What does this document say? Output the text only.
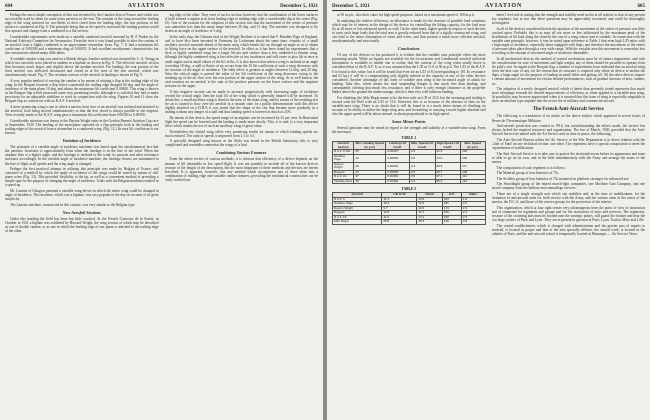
604	AVIATION	December 5, 1921

Perhaps the most simple conception of this was invented by the Camden firm of France and which was successfully used by them for some years previous to the war. The rotation of the wing around the leading edge of the wing surfaced for two-thirds of their chord from the leading edge, the rear portions of the surface is cambered on Fig. 6. The principle being that as the speed is increased the trailing portion would flex upward and change from a cambered to a flat section.

Considerable experiments were made on a variable cambered aerofoil invented by H. F. Parker by the National Advisory Committee for Aeronautics. From the tests it was found possible to alter the contour of an aerofoil from a highly cambered to an approximate streamline form. Fig. 7. It had a maximum lift coefficient of 0.00300 and a minimum drag of 0.00035. It had excellent aerodynamic characteristics but the construction offered many difficulties.

A variable camber wing was used on a British design. Another method was invented by C. A. Wragg in which two aerofoils were placed in tandem in a biplane as shown in Fig. 8. The effective aerofoil section thus becomes much larger, and slightly above the median aerofoil. For landing, the rear portion of the front aerofoil was deflected downward and closed in at the nose of the rear aerofoil, which was simultaneously raised. Fig. 9. The resultant contour of the aerofoil in landing is shown in Fig. 9.

A very popular method of varying the camber is by means of rotating a flap in the trailing edge of the wing. In the Breguet fourteen a flap which constituted the trailing edge dropped 60 deg. and the angle of incidence of the main plane 10 deg. and obtain the maximum lift coefficient 0.00400. This wing is known as the Breguet flap which possessed some very promising results, although it is said that they had to make provisions for an adjustable stabilizer to work in conjunction with the wing. Figures 10 and 11 show the Breguet flap as carried out with an R.A.F. 6 aerofoil.

A more promising wing is one in which a narrow front face of an aerofoil was inclined and attached to the aerofoil, both being moved simultaneously so that the new chord is always parallel to the original. Tests recently made of the R.A.F. wing gave a maximum lift coefficient from 0.00390 to 0.00500.

Considerable attention was drawn to the Dayton Wright entry in the Gordon Bennett Aviation Cup race in September, 1920. The landing of the monoplane operated on a flap principle both at the leading and trailing edges of the aerofoil from a streamline to a cambered wing. (Fig. 12.) Its max lift coefficient is not known.

Variation of Incidence

The principle of a variable angle of incidence machines was based upon the aerodynamical fact that the parasitic resistance is approximately least when the fuselage is in the line of the wind. When the airplane flies at a higher angle, and the fuselage is inclined to the wind, its parasite and other resistance increases accordingly. In the variable angle of incidence machine, the fuselage chassis are maintained in the line of flight at all speeds and the wing angle is changed.

Perhaps the first practical attempt in utilizing this principle was made by Belgian of France, and consisted of a method by which the angle of incidence of the wings could be varied by means of stiff piano wires (Fig. 13). This provided flexibility to the tip, as well as a convenient method of providing a simple spar for the purpose of changing the angle of incidence. Trials with the Belgian machine resulted in a speed up.

Mr. Lamont of Glasgow patented a variable wing device in which the entire wing could be changed in angle of incidence. This machine, which was a biplane, was very popular in the day on account of its great simplicity.

The Lanzius machine, constructed in this country, was very similar to the Belgian type.

New Aerofoil Sections

Under this heading the field has been but little touched. At the French Concours de la Surete, in October in 1921 a biplane was exhibited by Howard Wright, the wing section of which may be described as one of double camber, or as one in which the leading edge of one plane is attached to the trailing edge of the other.

ing edge of the other. They were of such a section, however, that the combination of the lower surfaces of both formed a regular arch from leading edge to trailing edge with a considerable dip at the center (Fig. 15). One of the reasons for the adoption of this section was that the movement of the center of pressure was somewhat less than the usual range between 20 deg. and 15 deg. The machine was designed to fly fastest at an angle of incidence of 3 deg.

In the early days the Chanute trial of the Wright Brothers it is stated that F. Handley Page of England, said to have also been invented in Germany by Lachmann about the same time, consists of a small auxiliary aerofoil mounted ahead of the main wing which breaks the air through an angle so as to obtain its lifting force on the upper surface of the aerofoil. In effect as it has been found by experiments that a thick or highly cambered wing has a larger lift per unit surface than a less cambered or thinner wing, although the highly cambered wing is less effective at low incidences and will cease to give lift at once at small angles and at small values of the lift in lbs. It is also known that when a wing is inclined at an angle exceeding 18 deg., a stall or flutter of air occurs from the 16 lift coefficient of such a wing decreases with the increase of the angle of incidence. The eddy effect is greatest at angles between 12 deg. and 20 deg. After the critical angle is passed the value of the lift coefficient of the wing decreases owing to the breaking up of the air flow over the rear portion of the upper surface of the wing. As is well known, the total reaction on an aerofoil is the sum of the positive pressure on the lower surface and the negative pressure on the upper.

If this negative suction can be made to increase progressively with increasing angle of incidence beyond the critical angle, then the total lift of the wing which is generally limited will be increased. To obtain this, a small auxiliary wing is fitted to the nose of the main wing, and by means of the resulting slot the air is caused to flow over the aerofoil in a smooth state. In a public demonstration with this device slightly attached on a D.H.9, it was stated that the shape of the slot flap became more gradually in a landing without any danger of a stall and thus landing speed is lowered as much as 25%.

By means of this device, the speed range of an airplane can be increased by 25 per cent. In Horizontal flight the speed can be lowered and the landing is made more slowly. This, it is said, is a very important effect which makes the use of such an auxiliary wing of great value.

Nevertheless the slotted wing offers very promising results by means of which landing speeds are much reduced. The ratio of speeds is improved from 2:1 to 3:1.

A specially designed wing known as the Alula was tested in the British laboratory; this is very complicated and resembles somewhat the wings of a bird.

Combining Various Features

From the above review of various methods, it is obvious that efficiency of a device depends on the amount of lift obtainable in low speed flight. It was not possible to include all of the known devices because of the length of the description, but the most important of these methods and devices are herein described. It is apparent, however, that any method which incorporates any of these ideas into a combination of trailing edge and variable camber features, providing the mechanical construction can be easily worked out.

December 5, 1921	AVIATION	605

at 50 m.p.h., also their value for high speed purposes, based on a maximum speed of 100 m.p.h.

In analyzing the relative efficiency, no allowance is made for the increase of possible load variations which may be of interest in the design of the device for controlling the lifting capacity, for the load may fly at all more or less advanced speeds as well. On the other hand, higher speeds in respect of such devices to carry such large loads that the total area is greatly reduced from that of a rigidly constructed wing, and can tend to the entire elimination of struts and wires, and thus present a much more efficient aerofoil, aerodynamically and structurally.

Conclusions

Of any of the devices so far produced it is evident that the variable area principle offers the most promising results. While no figures are available for the Levavasseur and Camberoide aerofoil sufficient information is available to enable one to realize that the contour of the wing when totally down is considered that of the R.A.F. 6, so it was assumed that the L/D as 11.0 at 30 m.p.h. The L/D of the R.A.F. 6 is found to this value, but it will be found that even for an L/D of 8 (corresponding to 101 lb. resistance and 61 hp.) it will be a compromising only slightly inferior to the capacity of any of the other devices considered. Another advantage of this form of variable area wing is the increased angle of attack for landing. Take this, which means the total suspending flanges is that much less than landing, and consequently offering that much less resistance, and if there is only enough clearance of the propeller blades above the ground the undercarriage, which is then very well fashions landing.

For climbing, the Aldo Regia seems to be the best with an L/D of 25.8, but the sweeping and trailing is second with the Hoff with an L/D of 13.6. However, this is so because of the absence of data on the variable-area wing. There is no doubt that it will be found in it a much better means of climbing on account of its ability to utilize the large wing area, and in reaching or carrying a much higher absolute and also the upper speed will be about normal, or about proportional to its high speed.

Some Minor Points

Several questions may be raised in regard to the strength and stability of a variable-area wing. From the necessary

TABLE 1
Aerofoil Section	Min. Landing Speed (m.p.h.)	Landing Lift Coeff.	Max. Speed Lift Coeff.	High Speed Lift Coeff.	Max. Speed (m.p.h.)
R.A.F. 6 Std.	55	0.00367	0.5	61.5	109
Handley Page	42	0.00590	0.5	72.0	106
Dayton Wright	46	0.00440	0.4	69.5	117
Breguet	44	0.00500	0.5	66.7	108
R.A.F. 19	47	0.00460	0.6	67.1	113
Variable Area	38	0.00360	0.3	86.0	131
TABLE 2
Aerofoil	L/D at 50	Climb	H.P.	Ratio
R.A.F. 6	11.4	13.6	163	1.8
Handley Page	10.4	12.0	181	2.6
Dayton Wright	9.7	11.9	174	2.3
Breguet	10.8	12.7	166	2.4
R.A.F. 19	11.0	14.1	160	2.3
Aldo Regia	25.8	15.5	126	2.8

times I feel safe in stating that the strength and stability need not be at all inferior to that of any present day airplanes, but in fact that these questions may be appreciably increased, and could be thoroughly investigated.

In all of the devices considered herein the question of the movement of the center of pressure was little touched upon. Probably this is as may all are more or less influenced by the maximum peak of the distribution of lift load along the chord in the case of a wing whose area is variable. In connection with the variable area principle, however, it was be noted upon reference to Table 1 that even high L/D ratios with a high angle of incidence, especially those equipped with flaps, and therefore the movement of the center of pressure takes place through a very wide range. With the variable area this movement is somewhat less according to the amount of increased angle of incidence obtainable.

In all mechanical devices the method of control mechanism must be of utmost importance, and with the consideration for ease of movement and light weight, any of them should be possible to operate from the pilot's seat. In regard to the Breguet flap, a number of experiments have indicated that an aerofoil wing often the best case of any, for the reason that its structure is required only when its device to incline the flaps; a large angle for the purpose of landing in small fields and getting off. All the other devices require a certain amount of movement for certain desired performances, such as gradual increase of area, camber, etc.

The adoption of a newly designed aerofoil which is better than presently found represents that much more advantage towards the desired improvement of efficiency as when applied to a variable-area wing. Its possibility may be more appreciated when it is asserted that this form of wing is especially adaptable to place an absolute type airplane into the active list of military and commercial aircraft.

The French Anti-Aircraft Service

The following is a translation of an article on the above subject which appeared in recent issues of Revue de l'Aeronautique Militaire:

Anti-aircraft protection was created in 1914, but notwithstanding the efforts made, the service has always lacked the required resources and organization. The law of March, 1920, provided that the Anti-Aircraft Service be united with the Air Service and, in time of peace, the following:

The Anti-Aircraft Bureau within the Air Service of the War Department is in direct relation with the Chief of Staff on one technical section; one other. The regiments have a special composition to meet the requirements of mobilization.

The Anti-Aircraft Service is to take care to protect the territorial towns before its appearance and must be able to go on its own, and in the field simultaneously with the Army and arrange the zones of the armies.

The composition of such regiment is as follows:

The Material group of four batteries of 75s.

The Artillery group of four batteries of 75s mounted on platform carriages for advanced use.

The Searchlight group of the mixed search-light companies, one Machine Gun Company, and one mixed company from the balloon and camouflage services.

These are of a single strength unit which can mobilize and, at the time of mobilization, for the formation of anti-aircraft units for field service with the Army, and the various units of the zones of the interior, the D.C.A. and those of the reserve groups for the protection of the interior.

This organization, which at four right senses very advantageous from the point of view of instruction and of command for regiments and groups and for the instruction of units and reserves. The regiments, because of the crowning aids must be located near the strategic points, will guard the frontier and near the two large centers of Paris and Lyon. They are at present in garrison at Paris, Lyon, Toulon, Metz and Lille.

The central establishment, which is charged with administration and the greater part of repairs to material, is located in proper and that of the area specially defense, the central work, is located in the suburbs of Paris, and the anti-aircraft school is temporarily located at Montargis — Air Service News.
